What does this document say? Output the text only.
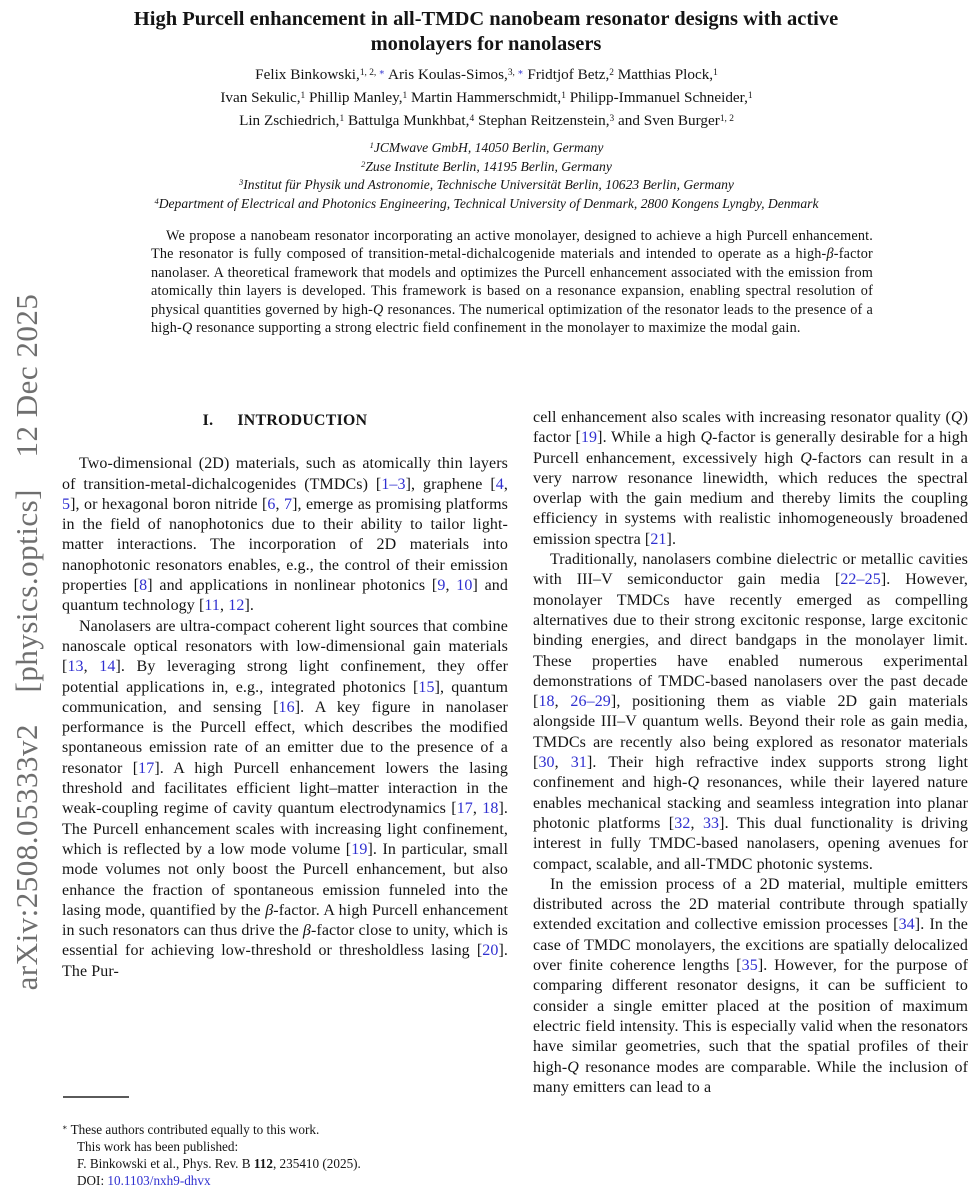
arXiv:2508.05333v2 [physics.optics] 12 Dec 2025
High Purcell enhancement in all-TMDC nanobeam resonator designs with active monolayers for nanolasers
Felix Binkowski,$^{1, 2, ∗}$ Aris Koulas-Simos,$^{3, ∗}$ Fridtjof Betz,$^2$ Matthias Plock,$^1$
Ivan Sekulic,$^1$ Phillip Manley,$^1$ Martin Hammerschmidt,$^1$ Philipp-Immanuel Schneider,$^1$
Lin Zschiedrich,$^1$ Battulga Munkhbat,$^4$ Stephan Reitzenstein,$^3$ and Sven Burger$^{1, 2}$
$^1$JCMwave GmbH, 14050 Berlin, Germany
$^2$Zuse Institute Berlin, 14195 Berlin, Germany
$^3$Institut für Physik und Astronomie, Technische Universität Berlin, 10623 Berlin, Germany
$^4$Department of Electrical and Photonics Engineering, Technical University of Denmark, 2800 Kongens Lyngby, Denmark
We propose a nanobeam resonator incorporating an active monolayer, designed to achieve a high Purcell enhancement. The resonator is fully composed of transition-metal-dichalcogenide materials and intended to operate as a high-β-factor nanolaser. A theoretical framework that models and optimizes the Purcell enhancement associated with the emission from atomically thin layers is developed. This framework is based on a resonance expansion, enabling spectral resolution of physical quantities governed by high-Q resonances. The numerical optimization of the resonator leads to the presence of a high-Q resonance supporting a strong electric field confinement in the monolayer to maximize the modal gain.
I. INTRODUCTION
Two-dimensional (2D) materials, such as atomically thin layers of transition-metal-dichalcogenides (TMDCs) [1–3], graphene [4, 5], or hexagonal boron nitride [6, 7], emerge as promising platforms in the field of nanophotonics due to their ability to tailor light-matter interactions. The incorporation of 2D materials into nanophotonic resonators enables, e.g., the control of their emission properties [8] and applications in nonlinear photonics [9, 10] and quantum technology [11, 12].
Nanolasers are ultra-compact coherent light sources that combine nanoscale optical resonators with low-dimensional gain materials [13, 14]. By leveraging strong light confinement, they offer potential applications in, e.g., integrated photonics [15], quantum communication, and sensing [16]. A key figure in nanolaser performance is the Purcell effect, which describes the modified spontaneous emission rate of an emitter due to the presence of a resonator [17]. A high Purcell enhancement lowers the lasing threshold and facilitates efficient light–matter interaction in the weak-coupling regime of cavity quantum electrodynamics [17, 18]. The Purcell enhancement scales with increasing light confinement, which is reflected by a low mode volume [19]. In particular, small mode volumes not only boost the Purcell enhancement, but also enhance the fraction of spontaneous emission funneled into the lasing mode, quantified by the β-factor. A high Purcell enhancement in such resonators can thus drive the β-factor close to unity, which is essential for achieving low-threshold or thresholdless lasing [20]. The Pur-
cell enhancement also scales with increasing resonator quality (Q) factor [19]. While a high Q-factor is generally desirable for a high Purcell enhancement, excessively high Q-factors can result in a very narrow resonance linewidth, which reduces the spectral overlap with the gain medium and thereby limits the coupling efficiency in systems with realistic inhomogeneously broadened emission spectra [21].
Traditionally, nanolasers combine dielectric or metallic cavities with III–V semiconductor gain media [22–25]. However, monolayer TMDCs have recently emerged as compelling alternatives due to their strong excitonic response, large excitonic binding energies, and direct bandgaps in the monolayer limit. These properties have enabled numerous experimental demonstrations of TMDC-based nanolasers over the past decade [18, 26–29], positioning them as viable 2D gain materials alongside III–V quantum wells. Beyond their role as gain media, TMDCs are recently also being explored as resonator materials [30, 31]. Their high refractive index supports strong light confinement and high-Q resonances, while their layered nature enables mechanical stacking and seamless integration into planar photonic platforms [32, 33]. This dual functionality is driving interest in fully TMDC-based nanolasers, opening avenues for compact, scalable, and all-TMDC photonic systems.
In the emission process of a 2D material, multiple emitters distributed across the 2D material contribute through spatially extended excitation and collective emission processes [34]. In the case of TMDC monolayers, the excitions are spatially delocalized over finite coherence lengths [35]. However, for the purpose of comparing different resonator designs, it can be sufficient to consider a single emitter placed at the position of maximum electric field intensity. This is especially valid when the resonators have similar geometries, such that the spatial profiles of their high-Q resonance modes are comparable. While the inclusion of many emitters can lead to a
∗ These authors contributed equally to this work.
This work has been published:
F. Binkowski et al., Phys. Rev. B 112, 235410 (2025).
DOI: 10.1103/nxh9-dhvx
